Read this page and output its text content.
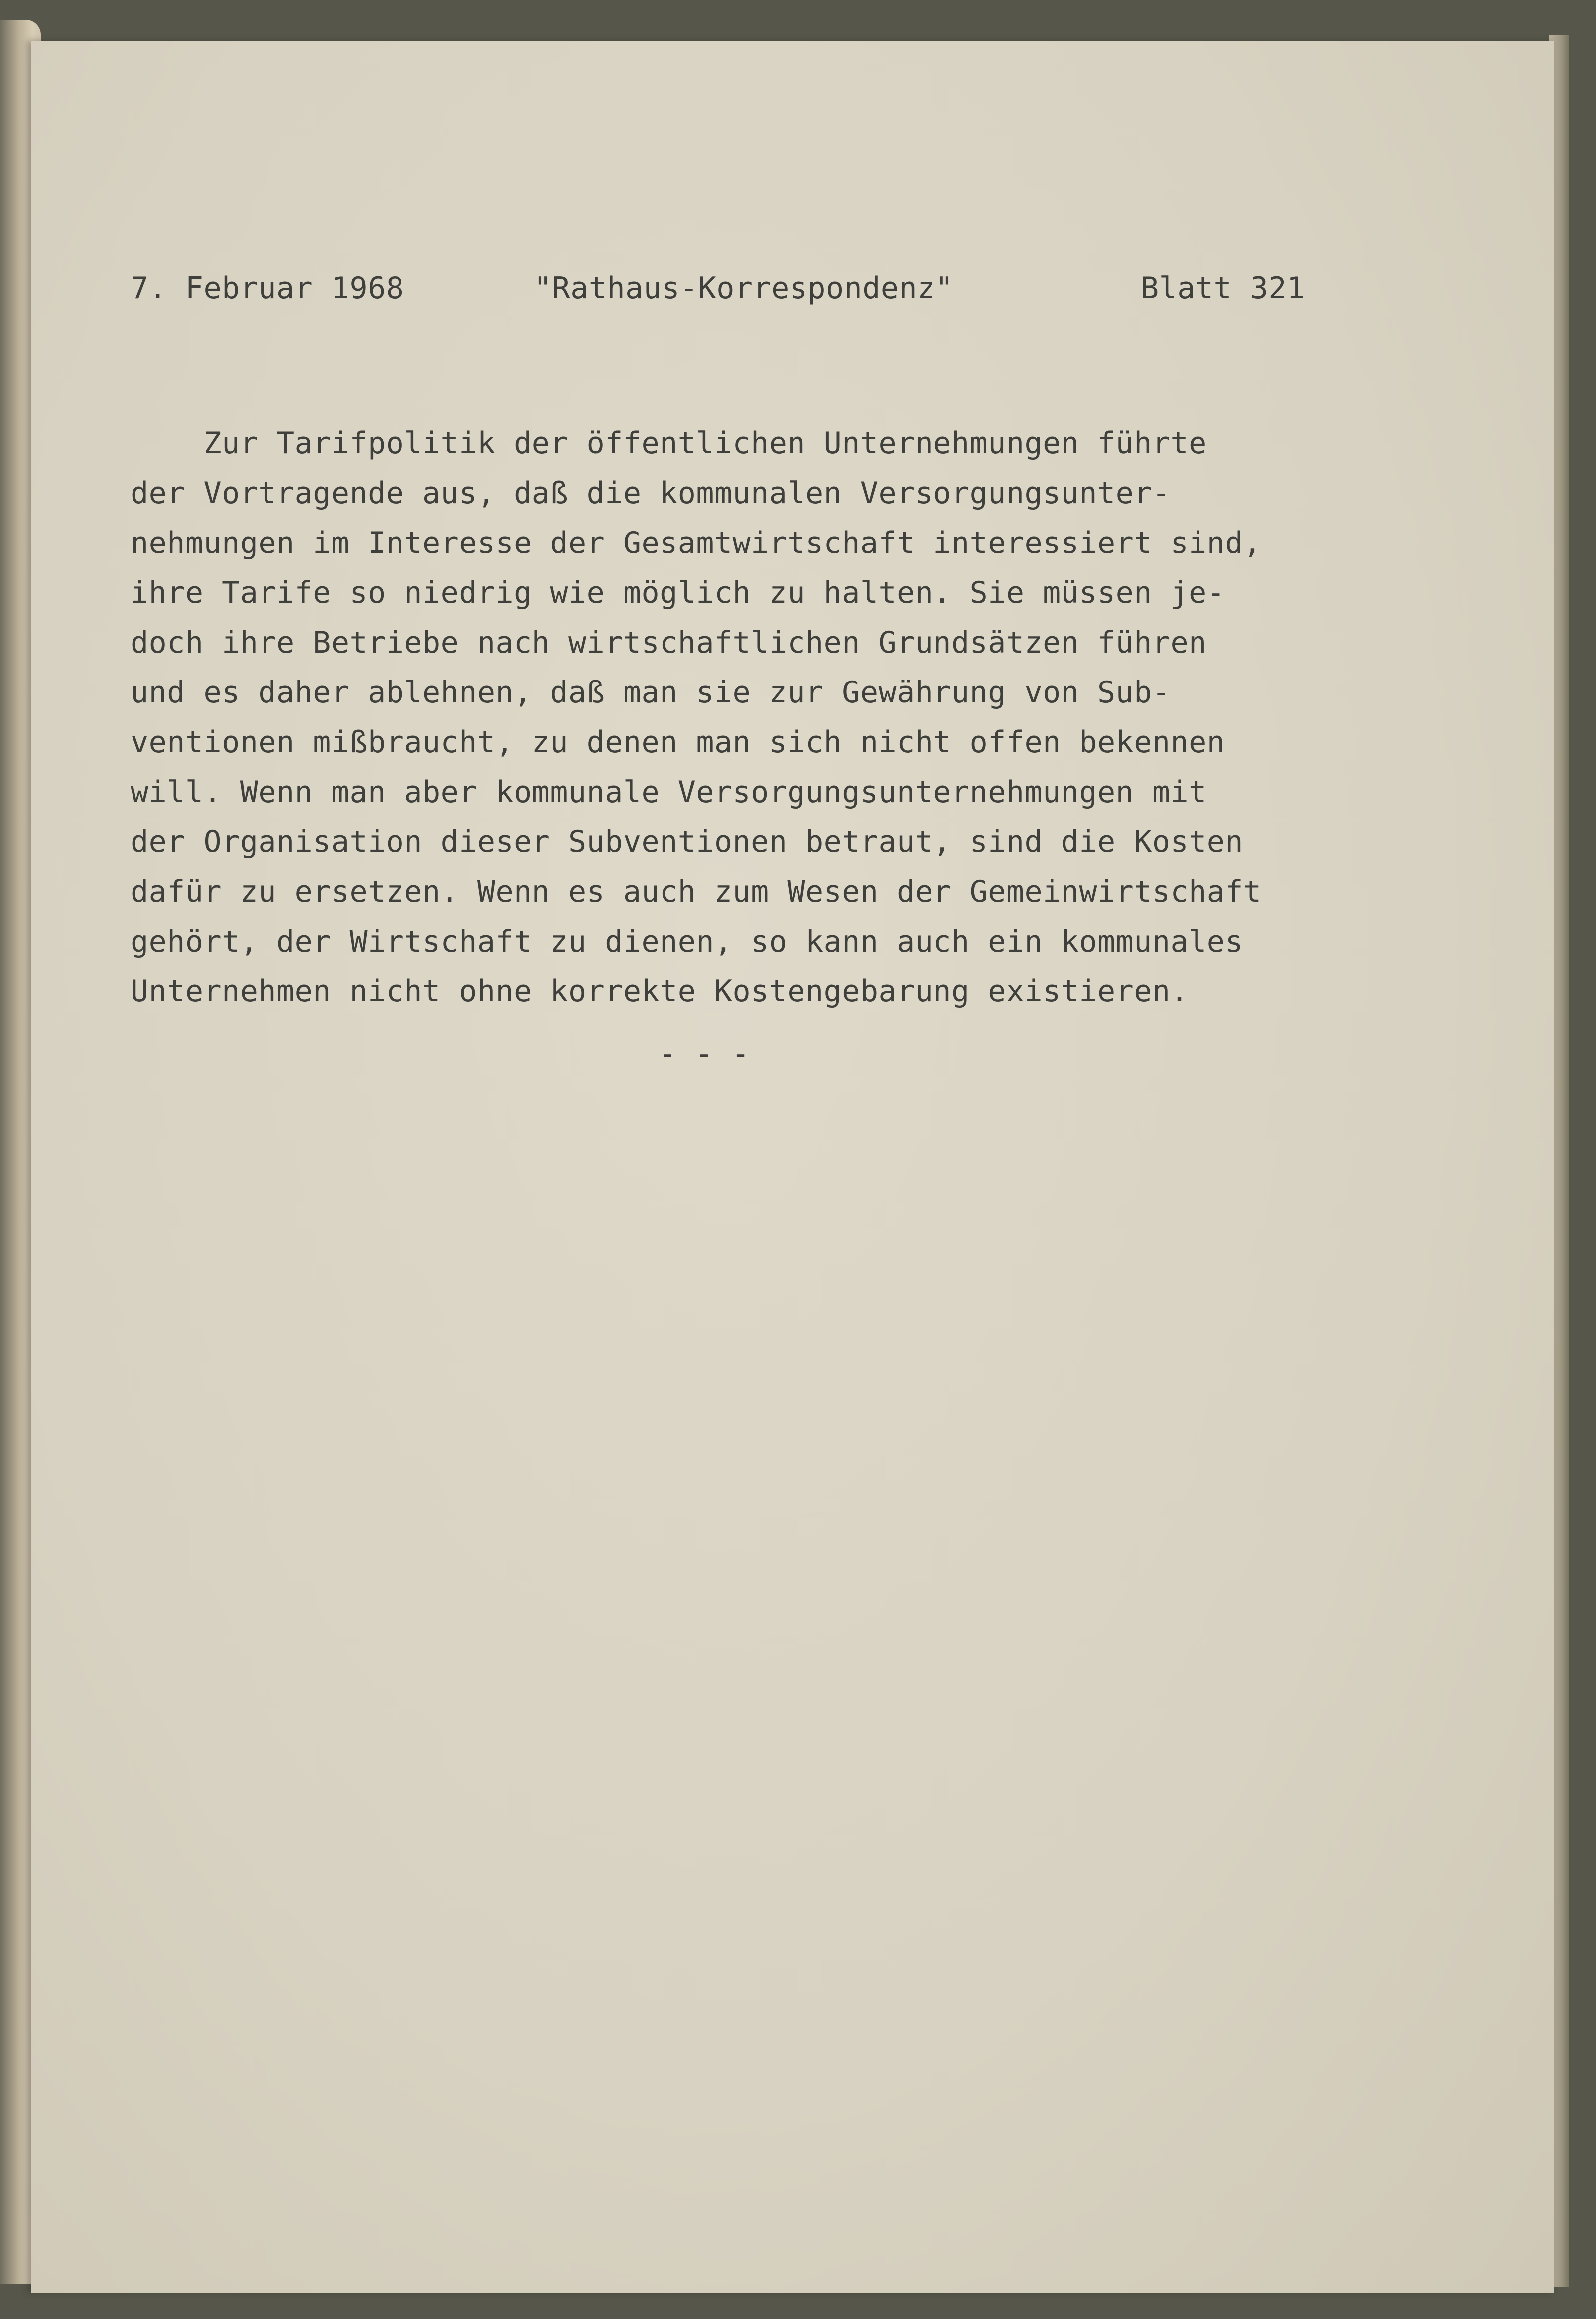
7. Februar 1968	"Rathaus-Korrespondenz"	Blatt 321
Zur Tarifpolitik der öffentlichen Unternehmungen führte
der Vortragende aus, daß die kommunalen Versorgungsunter-
nehmungen im Interesse der Gesamtwirtschaft interessiert sind,
ihre Tarife so niedrig wie möglich zu halten. Sie müssen je-
doch ihre Betriebe nach wirtschaftlichen Grundsätzen führen
und es daher ablehnen, daß man sie zur Gewährung von Sub-
ventionen mißbraucht, zu denen man sich nicht offen bekennen
will. Wenn man aber kommunale Versorgungsunternehmungen mit
der Organisation dieser Subventionen betraut, sind die Kosten
dafür zu ersetzen. Wenn es auch zum Wesen der Gemeinwirtschaft
gehört, der Wirtschaft zu dienen, so kann auch ein kommunales
Unternehmen nicht ohne korrekte Kostengebarung existieren.
- - -
